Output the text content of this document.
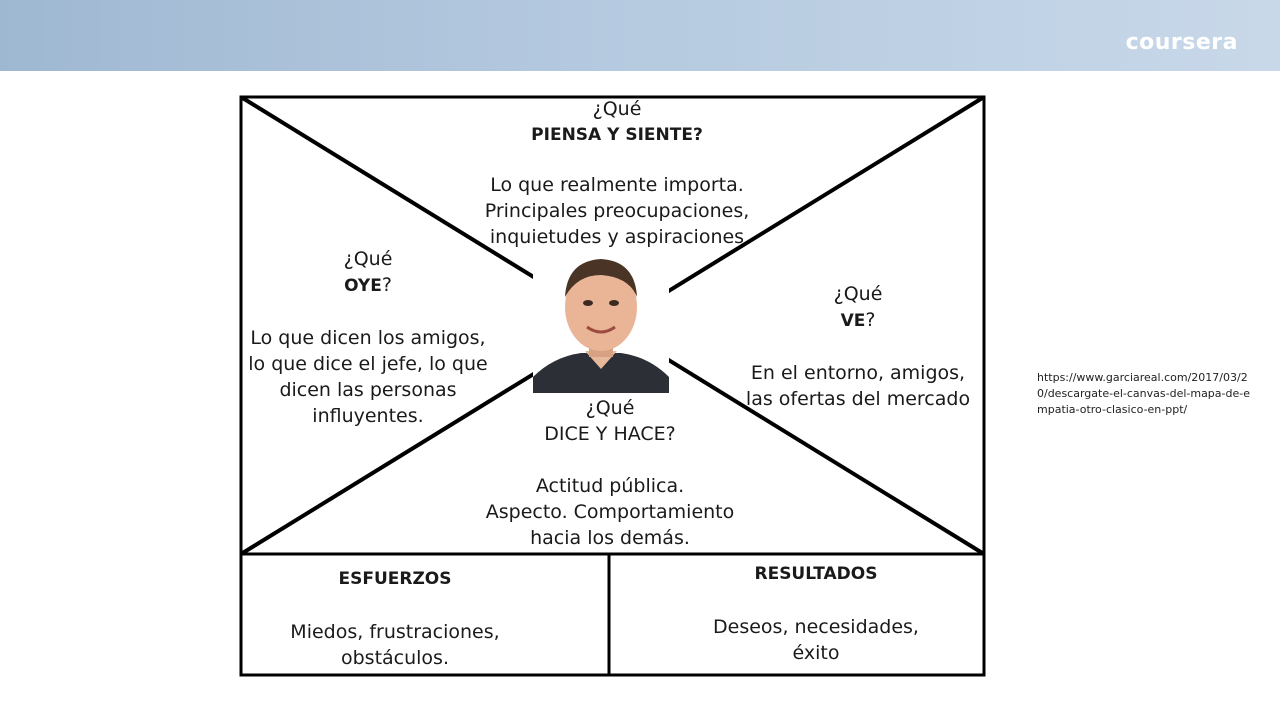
coursera
¿Qué
PIENSA Y SIENTE?
Lo que realmente importa.
Principales preocupaciones,
inquietudes y aspiraciones
¿Qué
OYE?
Lo que dicen los amigos,
lo que dice el jefe, lo que
dicen las personas
influyentes.
¿Qué
VE?
En el entorno, amigos,
las ofertas del mercado
¿Qué
DICE Y HACE?
Actitud pública.
Aspecto. Comportamiento
hacia los demás.
ESFUERZOS
Miedos, frustraciones,
obstáculos.
RESULTADOS
Deseos, necesidades,
éxito
https://www.garciareal.com/2017/03/20/descargate-el-canvas-del-mapa-de-empatia-otro-clasico-en-ppt/
